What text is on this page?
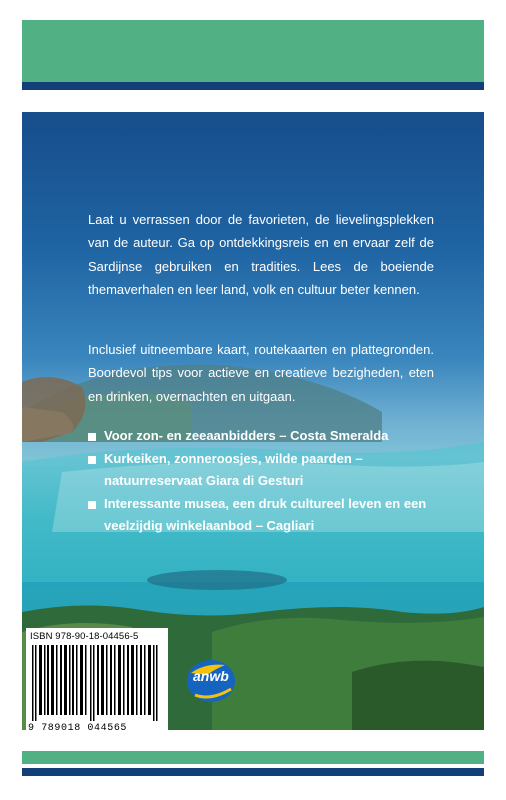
Laat u verrassen door de favorieten, de lievelingsplekken van de auteur. Ga op ontdekkingsreis en en ervaar zelf de Sardijnse gebruiken en tradities. Lees de boeiende themaverhalen en leer land, volk en cultuur beter kennen.

Inclusief uitneembare kaart, routekaarten en plattegronden. Boordevol tips voor actieve en creatieve bezigheden, eten en drinken, overnachten en uitgaan.

Voor zon- en zeeaanbidders – Costa Smeralda
Kurkeiken, zonneroosjes, wilde paarden – natuurreservaat Giara di Gesturi
Interessante musea, een druk cultureel leven en een veelzijdig winkelaanbod – Cagliari
ISBN 978-90-18-04456-5
9 789018 044565
anwb
